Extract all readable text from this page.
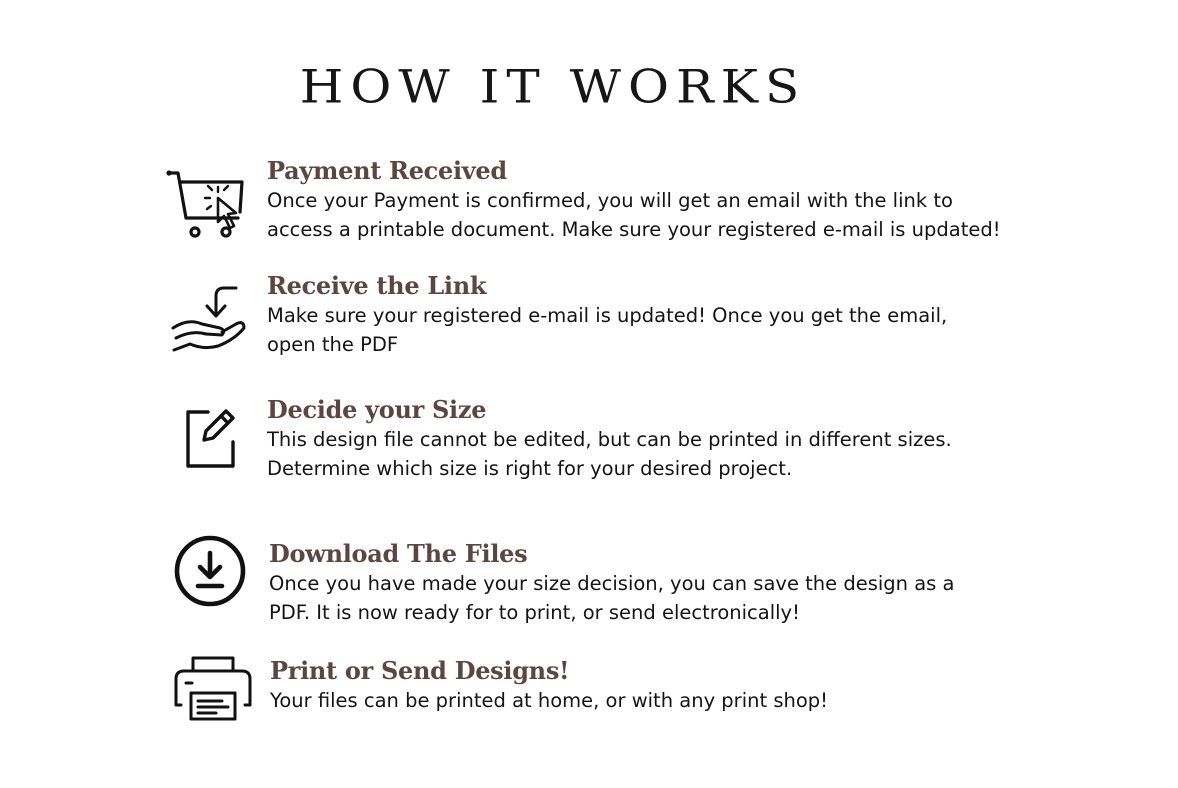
HOW IT WORKS

Payment Received

Once your Payment is confirmed, you will get an email with the link to
access a printable document. Make sure your registered e-mail is updated!

Receive the Link

Make sure your registered e-mail is updated! Once you get the email,
open the PDF

Decide your Size

This design file cannot be edited, but can be printed in different sizes.
Determine which size is right for your desired project.

Download The Files

Once you have made your size decision, you can save the design as a
PDF. It is now ready for to print, or send electronically!

Print or Send Designs!

Your files can be printed at home, or with any print shop!
